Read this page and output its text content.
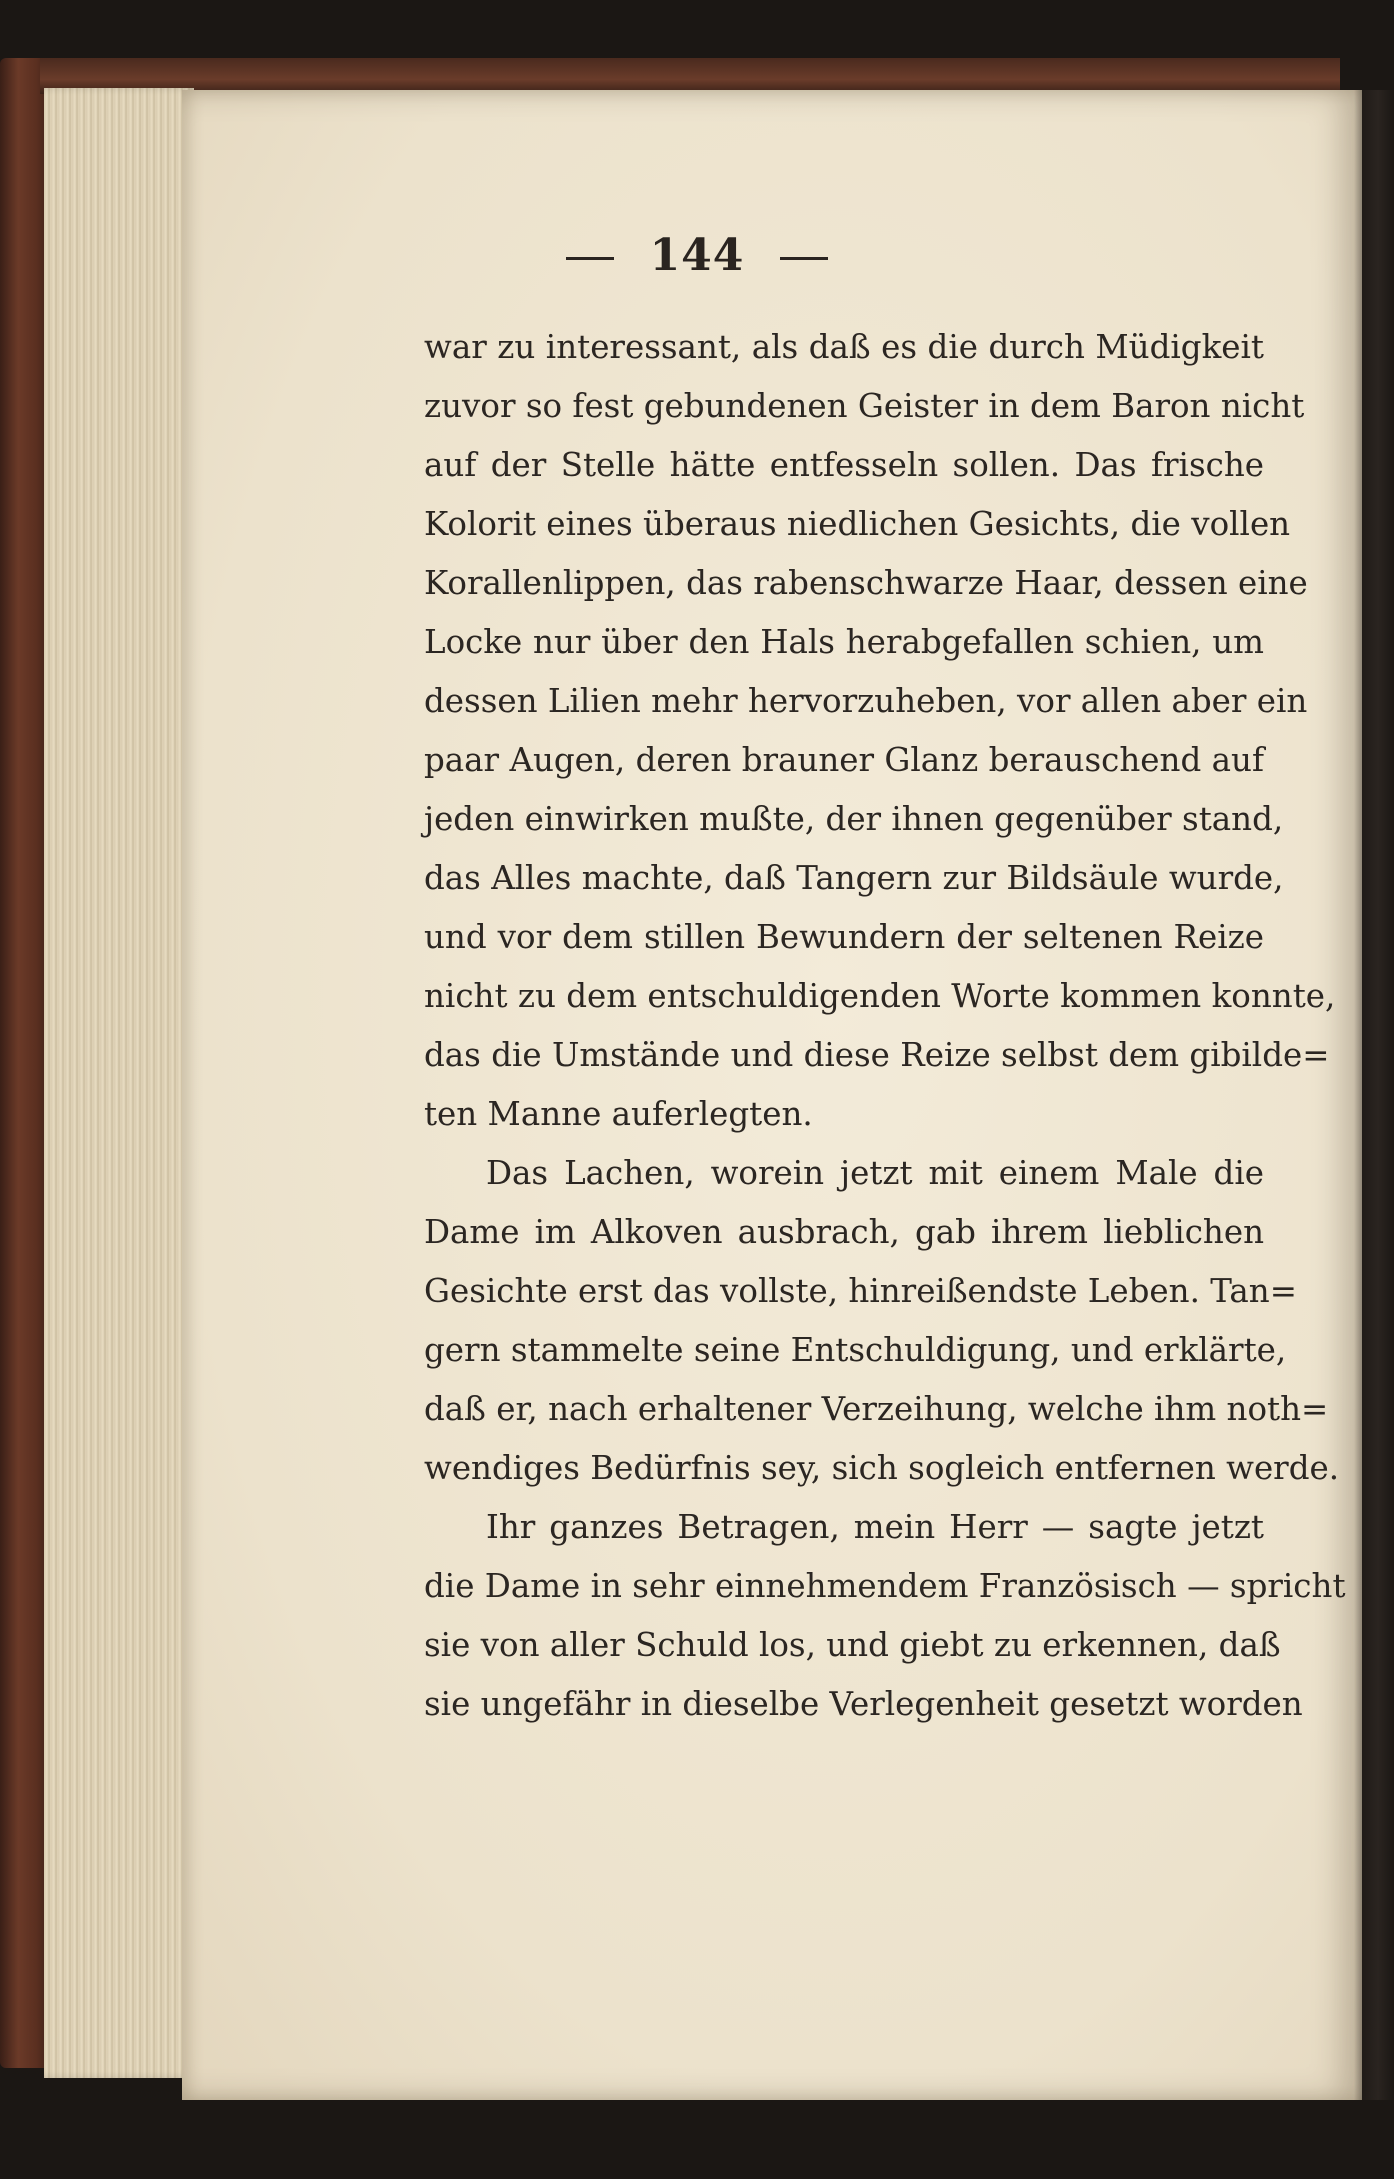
144
war zu interessant, als daß es die durch Müdigkeit
zuvor so fest gebundenen Geister in dem Baron nicht
auf der Stelle hätte entfesseln sollen. Das frische
Kolorit eines überaus niedlichen Gesichts, die vollen
Korallenlippen, das rabenschwarze Haar, dessen eine
Locke nur über den Hals herabgefallen schien, um
dessen Lilien mehr hervorzuheben, vor allen aber ein
paar Augen, deren brauner Glanz berauschend auf
jeden einwirken mußte, der ihnen gegenüber stand,
das Alles machte, daß Tangern zur Bildsäule wurde,
und vor dem stillen Bewundern der seltenen Reize
nicht zu dem entschuldigenden Worte kommen konnte,
das die Umstände und diese Reize selbst dem gibilde=
ten Manne auferlegten.
Das Lachen, worein jetzt mit einem Male die
Dame im Alkoven ausbrach, gab ihrem lieblichen
Gesichte erst das vollste, hinreißendste Leben. Tan=
gern stammelte seine Entschuldigung, und erklärte,
daß er, nach erhaltener Verzeihung, welche ihm noth=
wendiges Bedürfnis sey, sich sogleich entfernen werde.
Ihr ganzes Betragen, mein Herr — sagte jetzt
die Dame in sehr einnehmendem Französisch — spricht
sie von aller Schuld los, und giebt zu erkennen, daß
sie ungefähr in dieselbe Verlegenheit gesetzt worden
